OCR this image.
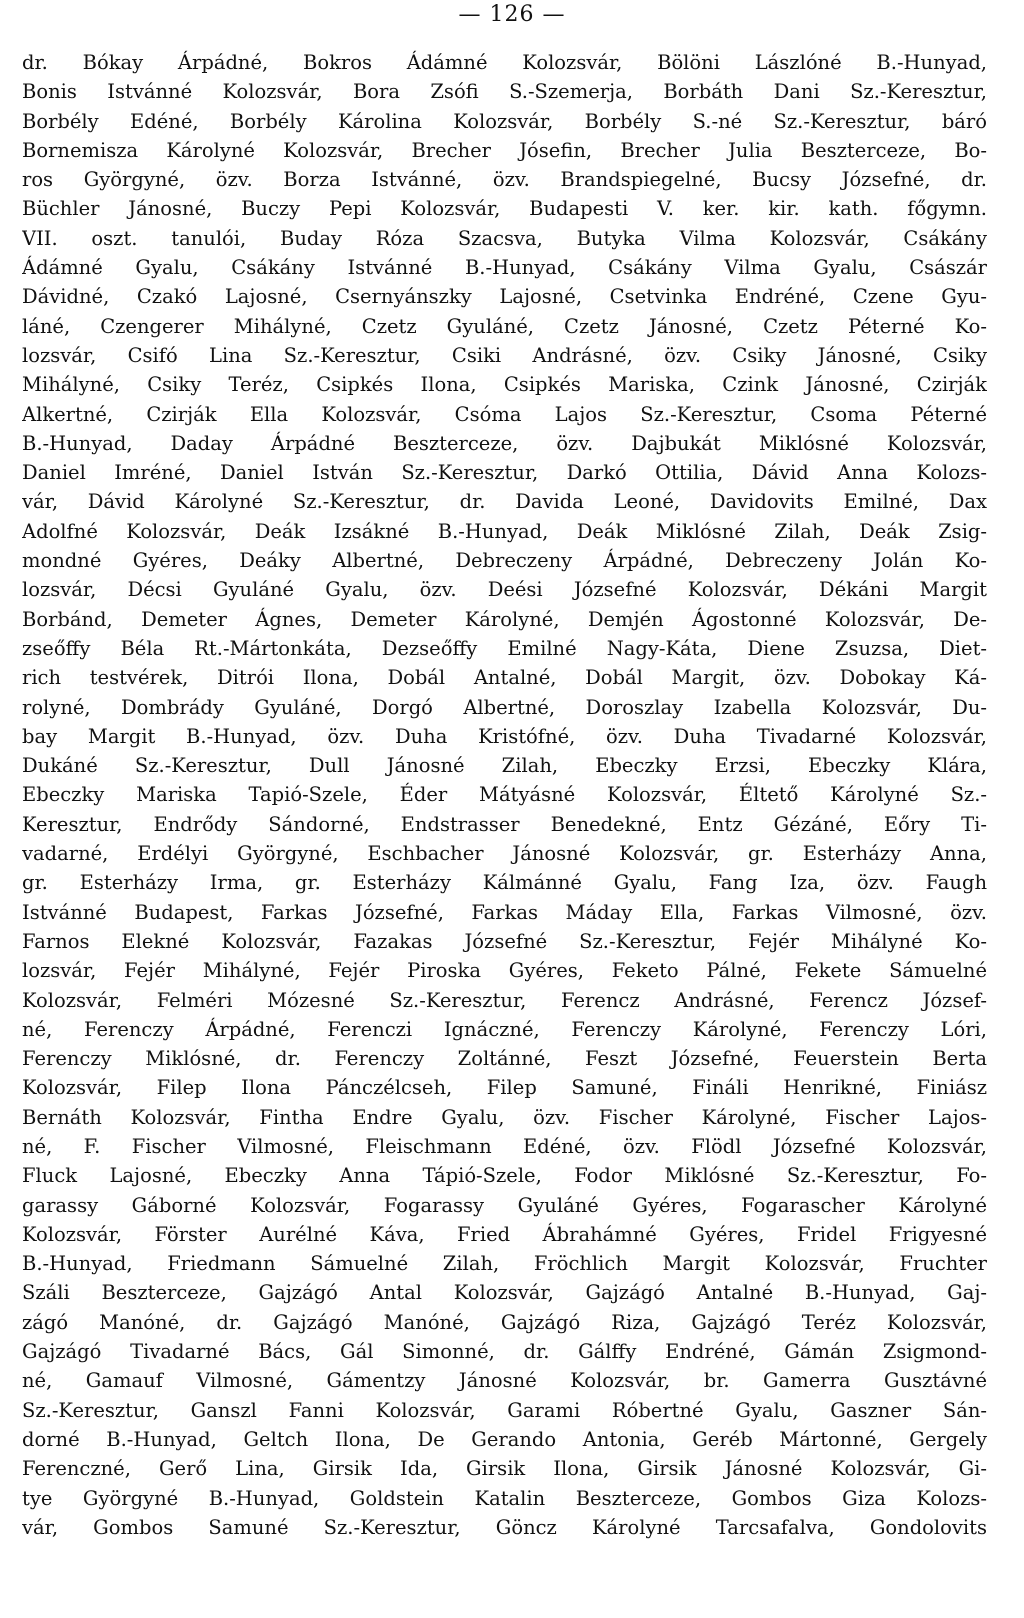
— 126 —
dr. Bókay Árpádné, Bokros Ádámné Kolozsvár, Bölöni Lászlóné B.-Hunyad,
Bonis Istvánné Kolozsvár, Bora Zsófi S.-Szemerja, Borbáth Dani Sz.-Keresztur,
Borbély Edéné, Borbély Károlina Kolozsvár, Borbély S.-né Sz.-Keresztur, báró
Bornemisza Károlyné Kolozsvár, Brecher Jósefin, Brecher Julia Beszterceze, Bo-
ros Györgyné, özv. Borza Istvánné, özv. Brandspiegelné, Bucsy Józsefné, dr.
Büchler Jánosné, Buczy Pepi Kolozsvár, Budapesti V. ker. kir. kath. főgymn.
VII. oszt. tanulói, Buday Róza Szacsva, Butyka Vilma Kolozsvár, Csákány
Ádámné Gyalu, Csákány Istvánné B.-Hunyad, Csákány Vilma Gyalu, Császár
Dávidné, Czakó Lajosné, Csernyánszky Lajosné, Csetvinka Endréné, Czene Gyu-
láné, Czengerer Mihályné, Czetz Gyuláné, Czetz Jánosné, Czetz Péterné Ko-
lozsvár, Csifó Lina Sz.-Keresztur, Csiki Andrásné, özv. Csiky Jánosné, Csiky
Mihályné, Csiky Teréz, Csipkés Ilona, Csipkés Mariska, Czink Jánosné, Czirják
Alkertné, Czirják Ella Kolozsvár, Csóma Lajos Sz.-Keresztur, Csoma Péterné
B.-Hunyad, Daday Árpádné Beszterceze, özv. Dajbukát Miklósné Kolozsvár,
Daniel Imréné, Daniel István Sz.-Keresztur, Darkó Ottilia, Dávid Anna Kolozs-
vár, Dávid Károlyné Sz.-Keresztur, dr. Davida Leoné, Davidovits Emilné, Dax
Adolfné Kolozsvár, Deák Izsákné B.-Hunyad, Deák Miklósné Zilah, Deák Zsig-
mondné Gyéres, Deáky Albertné, Debreczeny Árpádné, Debreczeny Jolán Ko-
lozsvár, Décsi Gyuláné Gyalu, özv. Deési Józsefné Kolozsvár, Dékáni Margit
Borbánd, Demeter Ágnes, Demeter Károlyné, Demjén Ágostonné Kolozsvár, De-
zseőffy Béla Rt.-Mártonkáta, Dezseőffy Emilné Nagy-Káta, Diene Zsuzsa, Diet-
rich testvérek, Ditrói Ilona, Dobál Antalné, Dobál Margit, özv. Dobokay Ká-
rolyné, Dombrády Gyuláné, Dorgó Albertné, Doroszlay Izabella Kolozsvár, Du-
bay Margit B.-Hunyad, özv. Duha Kristófné, özv. Duha Tivadarné Kolozsvár,
Dukáné Sz.-Keresztur, Dull Jánosné Zilah, Ebeczky Erzsi, Ebeczky Klára,
Ebeczky Mariska Tapió-Szele, Éder Mátyásné Kolozsvár, Éltető Károlyné Sz.-
Keresztur, Endrődy Sándorné, Endstrasser Benedekné, Entz Gézáné, Eőry Ti-
vadarné, Erdélyi Györgyné, Eschbacher Jánosné Kolozsvár, gr. Esterházy Anna,
gr. Esterházy Irma, gr. Esterházy Kálmánné Gyalu, Fang Iza, özv. Faugh
Istvánné Budapest, Farkas Józsefné, Farkas Máday Ella, Farkas Vilmosné, özv.
Farnos Elekné Kolozsvár, Fazakas Józsefné Sz.-Keresztur, Fejér Mihályné Ko-
lozsvár, Fejér Mihályné, Fejér Piroska Gyéres, Feketo Pálné, Fekete Sámuelné
Kolozsvár, Felméri Mózesné Sz.-Keresztur, Ferencz Andrásné, Ferencz József-
né, Ferenczy Árpádné, Ferenczi Ignáczné, Ferenczy Károlyné, Ferenczy Lóri,
Ferenczy Miklósné, dr. Ferenczy Zoltánné, Feszt Józsefné, Feuerstein Berta
Kolozsvár, Filep Ilona Pánczélcseh, Filep Samuné, Fináli Henrikné, Finiász
Bernáth Kolozsvár, Fintha Endre Gyalu, özv. Fischer Károlyné, Fischer Lajos-
né, F. Fischer Vilmosné, Fleischmann Edéné, özv. Flödl Józsefné Kolozsvár,
Fluck Lajosné, Ebeczky Anna Tápió-Szele, Fodor Miklósné Sz.-Keresztur, Fo-
garassy Gáborné Kolozsvár, Fogarassy Gyuláné Gyéres, Fogarascher Károlyné
Kolozsvár, Förster Aurélné Káva, Fried Ábrahámné Gyéres, Fridel Frigyesné
B.-Hunyad, Friedmann Sámuelné Zilah, Fröchlich Margit Kolozsvár, Fruchter
Száli Beszterceze, Gajzágó Antal Kolozsvár, Gajzágó Antalné B.-Hunyad, Gaj-
zágó Manóné, dr. Gajzágó Manóné, Gajzágó Riza, Gajzágó Teréz Kolozsvár,
Gajzágó Tivadarné Bács, Gál Simonné, dr. Gálffy Endréné, Gámán Zsigmond-
né, Gamauf Vilmosné, Gámentzy Jánosné Kolozsvár, br. Gamerra Gusztávné
Sz.-Keresztur, Ganszl Fanni Kolozsvár, Garami Róbertné Gyalu, Gaszner Sán-
dorné B.-Hunyad, Geltch Ilona, De Gerando Antonia, Geréb Mártonné, Gergely
Ferenczné, Gerő Lina, Girsik Ida, Girsik Ilona, Girsik Jánosné Kolozsvár, Gi-
tye Györgyné B.-Hunyad, Goldstein Katalin Beszterceze, Gombos Giza Kolozs-
vár, Gombos Samuné Sz.-Keresztur, Göncz Károlyné Tarcsafalva, Gondolovits
